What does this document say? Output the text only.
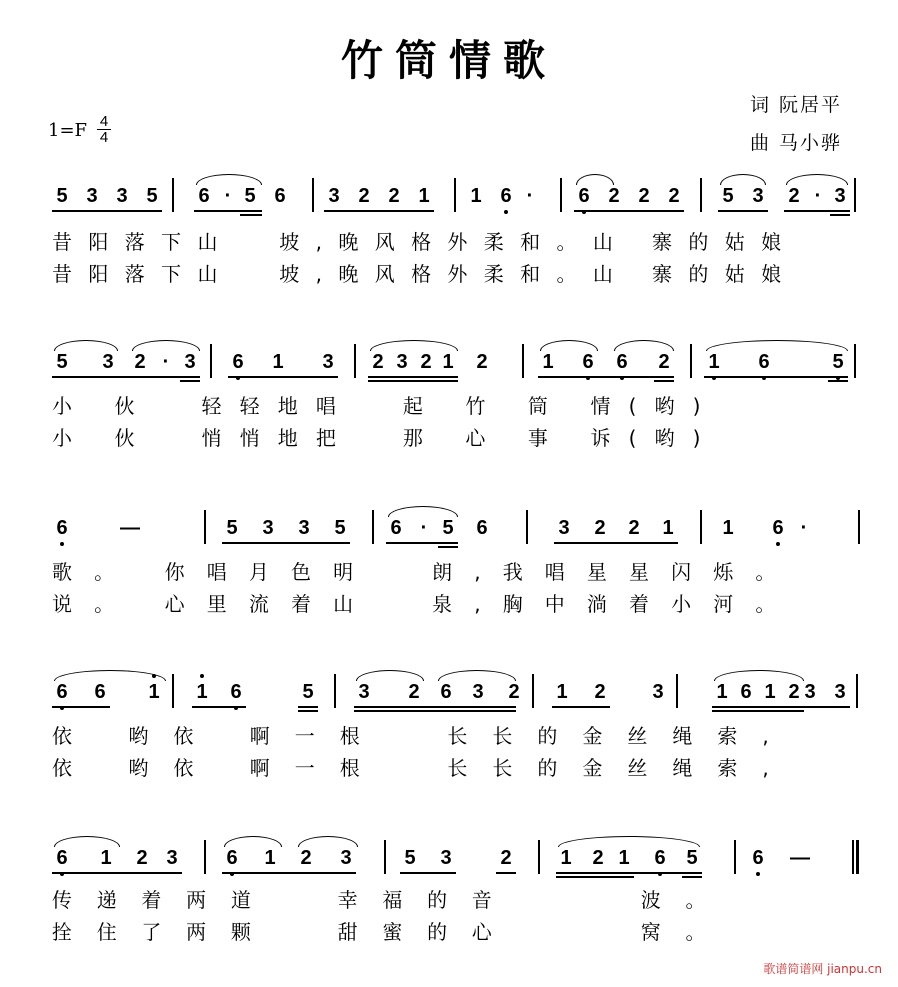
竹筒情歌
$1=F \frac{4}{4}$
词 阮居平
曲 马小骅
5 3 3 5 6 · 5 6 3 2 2 1 1 6 ·	6 2 2 2 5 3 2 · 3
昔阳落下山  坡,晚风格外柔和。山 寨的姑娘
昔阳落下山  坡,晚风格外柔和。山 寨的姑娘
5 3 2 · 3 6 1 3 2 3 2 1 2	1 6 6 2 1 6	5
小 伙  轻轻地唱  起 竹 筒 情(哟)
小 伙  悄悄地把  那 心 事 诉(哟)
6	—	5 3 3 5 6 · 5 6	3 2 2 1 1 6 ·
歌。 你唱月色明  朗,我唱星星闪烁。
说。 心里流着山  泉,胸中淌着小河。
6 6 1 1 6	5 3 2 6 3 2 1 2 3	1 6 1 2 3 3
依 哟依 啊一根  长长的金丝绳索,
依 哟依 啊一根  长长的金丝绳索,
6 1 2 3 6 1 2 3	5 3 2 1 2 1 6 5	6 —
传递着两道  幸福的音    波。
拴住了两颗  甜蜜的心    窝。
歌谱简谱网 jianpu.cn
